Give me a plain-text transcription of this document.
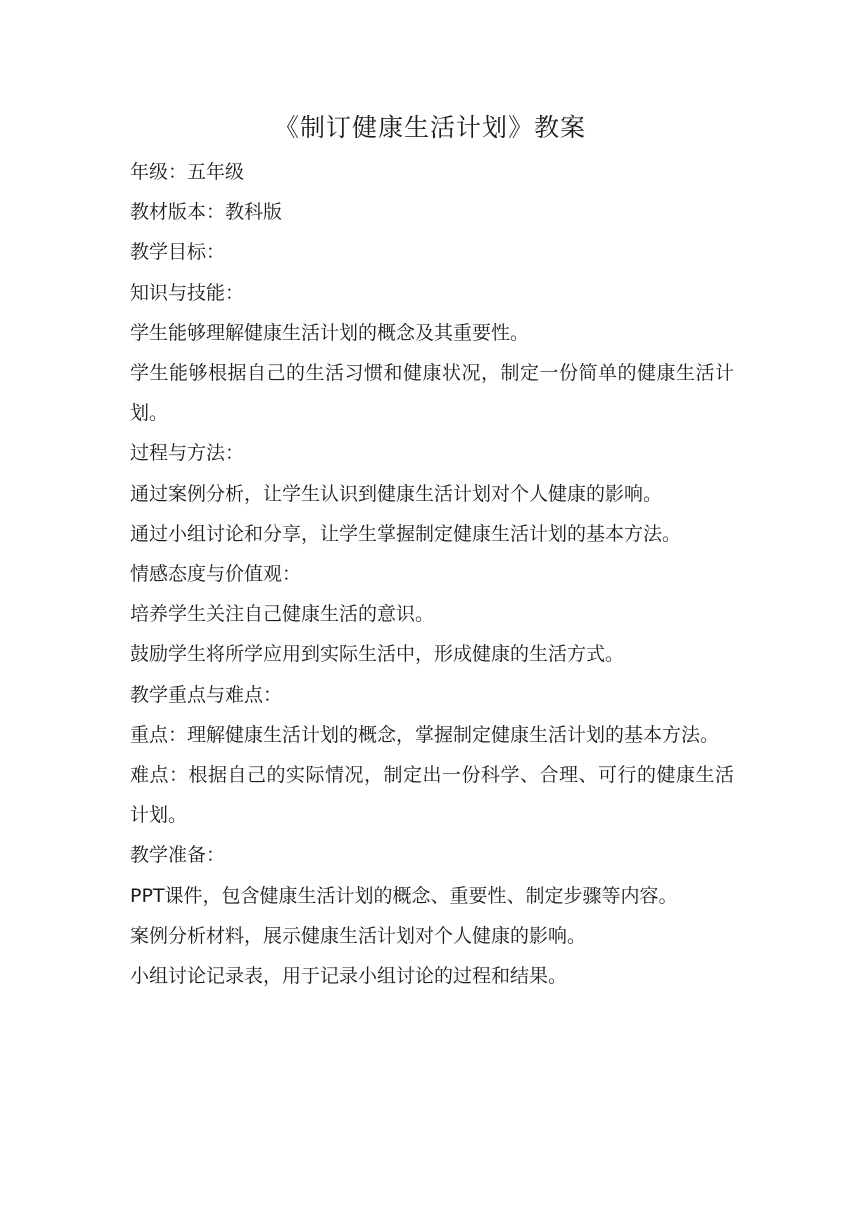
《制订健康生活计划》教案

年级：五年级

教材版本：教科版

教学目标：

知识与技能：

学生能够理解健康生活计划的概念及其重要性。

学生能够根据自己的生活习惯和健康状况，制定一份简单的健康生活计划。

过程与方法：

通过案例分析，让学生认识到健康生活计划对个人健康的影响。

通过小组讨论和分享，让学生掌握制定健康生活计划的基本方法。

情感态度与价值观：

培养学生关注自己健康生活的意识。

鼓励学生将所学应用到实际生活中，形成健康的生活方式。

教学重点与难点：

重点：理解健康生活计划的概念，掌握制定健康生活计划的基本方法。

难点：根据自己的实际情况，制定出一份科学、合理、可行的健康生活计划。

教学准备：

PPT课件，包含健康生活计划的概念、重要性、制定步骤等内容。

案例分析材料，展示健康生活计划对个人健康的影响。

小组讨论记录表，用于记录小组讨论的过程和结果。
